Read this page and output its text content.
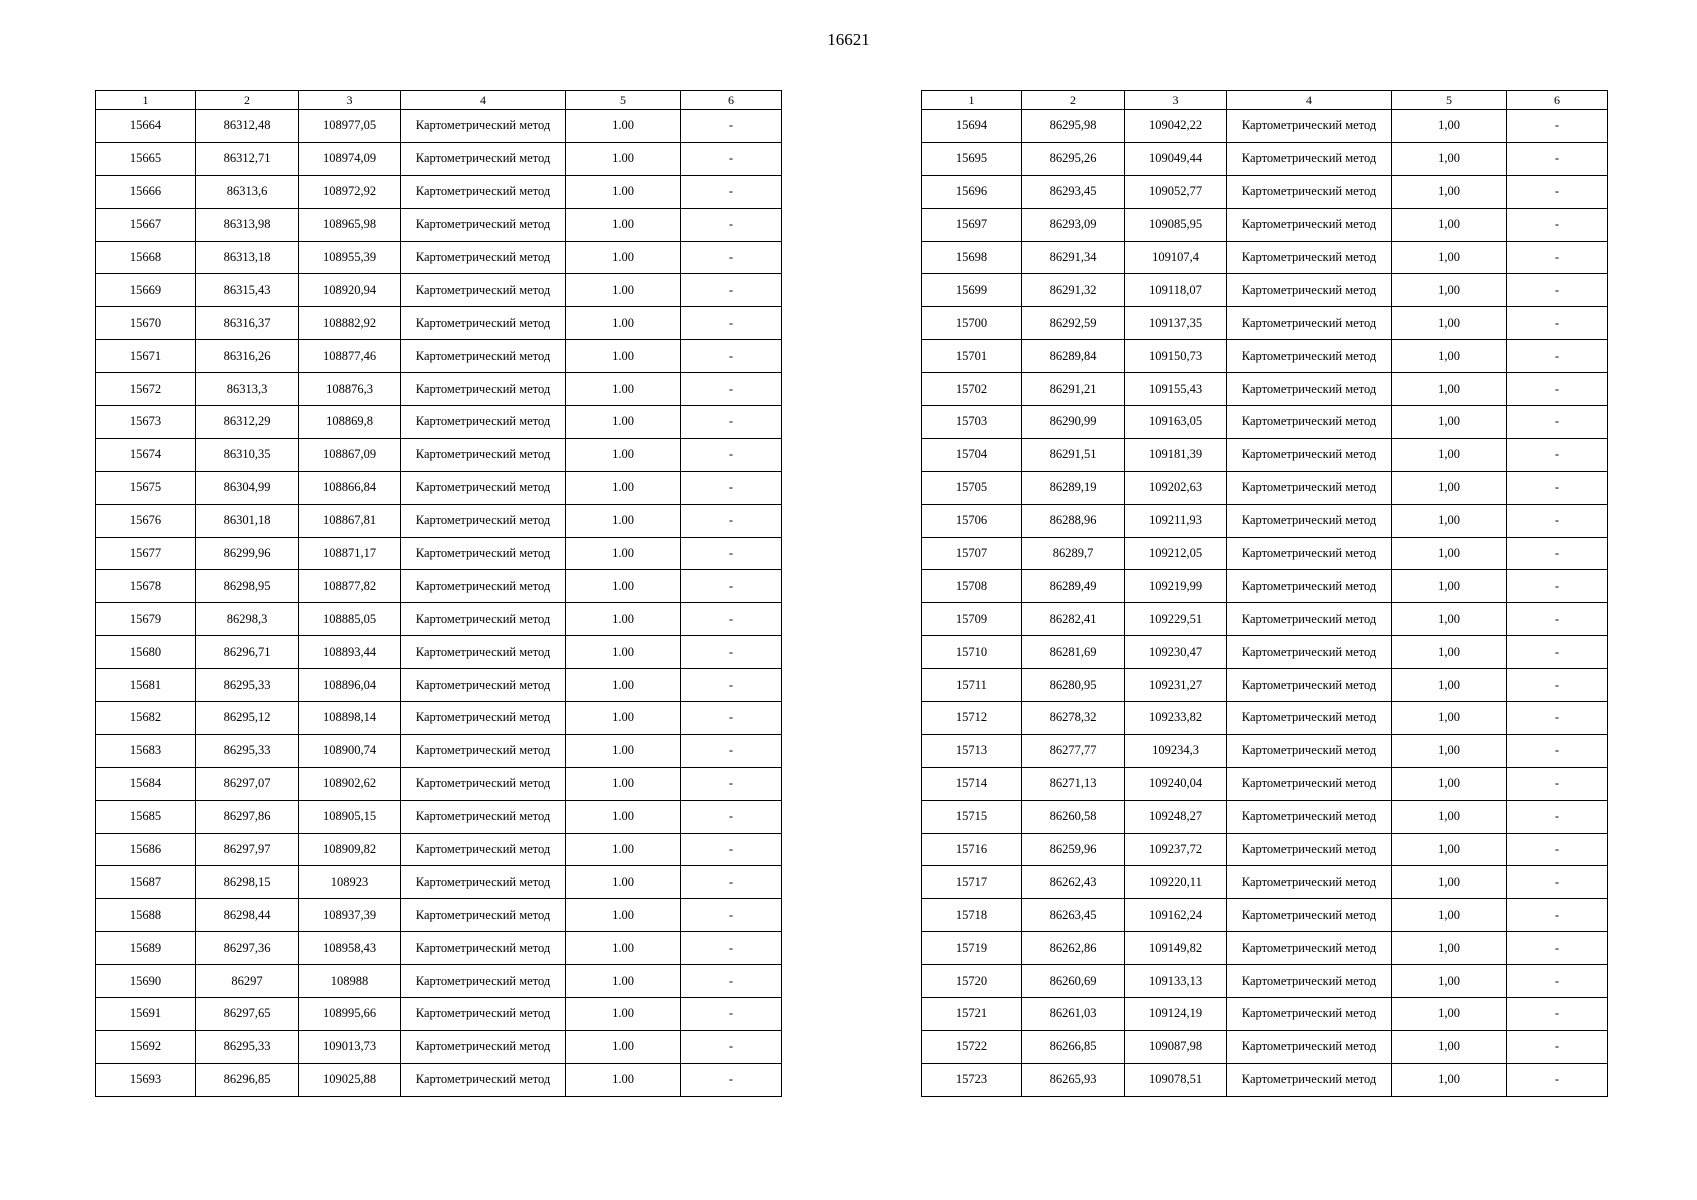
16621
1	2	3	4	5	6
15664	86312,48	108977,05	Картометрический метод	1.00	-
15665	86312,71	108974,09	Картометрический метод	1.00	-
15666	86313,6	108972,92	Картометрический метод	1.00	-
15667	86313,98	108965,98	Картометрический метод	1.00	-
15668	86313,18	108955,39	Картометрический метод	1.00	-
15669	86315,43	108920,94	Картометрический метод	1.00	-
15670	86316,37	108882,92	Картометрический метод	1.00	-
15671	86316,26	108877,46	Картометрический метод	1.00	-
15672	86313,3	108876,3	Картометрический метод	1.00	-
15673	86312,29	108869,8	Картометрический метод	1.00	-
15674	86310,35	108867,09	Картометрический метод	1.00	-
15675	86304,99	108866,84	Картометрический метод	1.00	-
15676	86301,18	108867,81	Картометрический метод	1.00	-
15677	86299,96	108871,17	Картометрический метод	1.00	-
15678	86298,95	108877,82	Картометрический метод	1.00	-
15679	86298,3	108885,05	Картометрический метод	1.00	-
15680	86296,71	108893,44	Картометрический метод	1.00	-
15681	86295,33	108896,04	Картометрический метод	1.00	-
15682	86295,12	108898,14	Картометрический метод	1.00	-
15683	86295,33	108900,74	Картометрический метод	1.00	-
15684	86297,07	108902,62	Картометрический метод	1.00	-
15685	86297,86	108905,15	Картометрический метод	1.00	-
15686	86297,97	108909,82	Картометрический метод	1.00	-
15687	86298,15	108923	Картометрический метод	1.00	-
15688	86298,44	108937,39	Картометрический метод	1.00	-
15689	86297,36	108958,43	Картометрический метод	1.00	-
15690	86297	108988	Картометрический метод	1.00	-
15691	86297,65	108995,66	Картометрический метод	1.00	-
15692	86295,33	109013,73	Картометрический метод	1.00	-
15693	86296,85	109025,88	Картометрический метод	1.00	-
1	2	3	4	5	6
15694	86295,98	109042,22	Картометрический метод	1,00	-
15695	86295,26	109049,44	Картометрический метод	1,00	-
15696	86293,45	109052,77	Картометрический метод	1,00	-
15697	86293,09	109085,95	Картометрический метод	1,00	-
15698	86291,34	109107,4	Картометрический метод	1,00	-
15699	86291,32	109118,07	Картометрический метод	1,00	-
15700	86292,59	109137,35	Картометрический метод	1,00	-
15701	86289,84	109150,73	Картометрический метод	1,00	-
15702	86291,21	109155,43	Картометрический метод	1,00	-
15703	86290,99	109163,05	Картометрический метод	1,00	-
15704	86291,51	109181,39	Картометрический метод	1,00	-
15705	86289,19	109202,63	Картометрический метод	1,00	-
15706	86288,96	109211,93	Картометрический метод	1,00	-
15707	86289,7	109212,05	Картометрический метод	1,00	-
15708	86289,49	109219,99	Картометрический метод	1,00	-
15709	86282,41	109229,51	Картометрический метод	1,00	-
15710	86281,69	109230,47	Картометрический метод	1,00	-
15711	86280,95	109231,27	Картометрический метод	1,00	-
15712	86278,32	109233,82	Картометрический метод	1,00	-
15713	86277,77	109234,3	Картометрический метод	1,00	-
15714	86271,13	109240,04	Картометрический метод	1,00	-
15715	86260,58	109248,27	Картометрический метод	1,00	-
15716	86259,96	109237,72	Картометрический метод	1,00	-
15717	86262,43	109220,11	Картометрический метод	1,00	-
15718	86263,45	109162,24	Картометрический метод	1,00	-
15719	86262,86	109149,82	Картометрический метод	1,00	-
15720	86260,69	109133,13	Картометрический метод	1,00	-
15721	86261,03	109124,19	Картометрический метод	1,00	-
15722	86266,85	109087,98	Картометрический метод	1,00	-
15723	86265,93	109078,51	Картометрический метод	1,00	-
